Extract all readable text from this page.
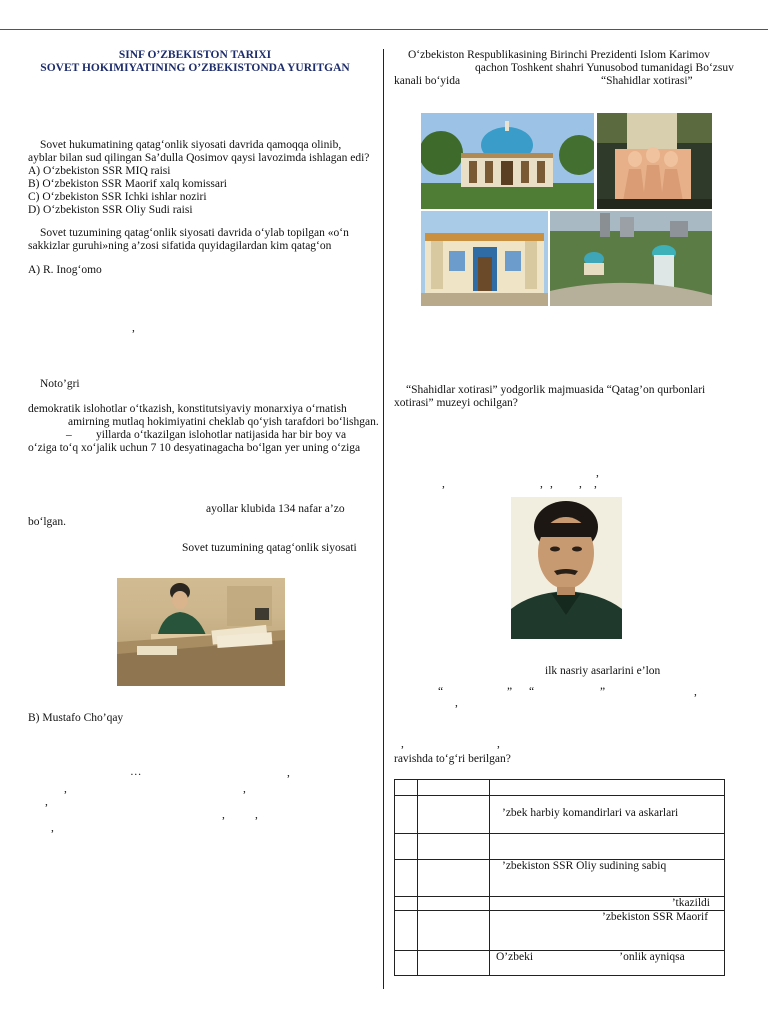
SINF O’ZBEKISTON TARIXI
SOVET HOKIMIYATINING O’ZBEKISTONDA YURITGAN
Sovet hukumatining qatag‘onlik siyosati davrida qamoqqa olinib,
ayblar bilan sud qilingan Sa’dulla Qosimov qaysi lavozimda ishlagan edi?
A) O‘zbekiston SSR MIQ raisi
B) O‘zbekiston SSR Maorif xalq komissari
C) O‘zbekiston SSR Ichki ishlar noziri
D) O‘zbekiston SSR Oliy Sudi raisi
Sovet tuzumining qatag‘onlik siyosati davrida o‘ylab topilgan «o‘n
sakkizlar guruhi»ning a’zosi sifatida quyidagilardan kim qatag‘on
A) R. Inog‘omo
,
Noto’gri
demokratik islohotlar o‘tkazish, konstitutsiyaviy monarxiya o‘rnatish
amirning mutlaq hokimiyatini cheklab qo‘yish tarafdori bo‘lishgan.
– yillarda o‘tkazilgan islohotlar natijasida har bir boy va
o‘ziga to‘q xo‘jalik uchun 7 10 desyatinagacha bo‘lgan yer uning o‘ziga
ayollar klubida 134 nafar a’zo
bo‘lgan.
Sovet tuzumining qatag‘onlik siyosati
B) Mustafo Cho’qay
…	,
,	,
,
,	,
,
O‘zbekiston Respublikasining Birinchi Prezidenti Islom Karimov
qachon Toshkent shahri Yunusobod tumanidagi Bo‘zsuv
kanali bo‘yida	“Shahidlar xotirasi”
“Shahidlar xotirasi” yodgorlik majmuasida “Qatag’on qurbonlari
xotirasi” muzeyi ochilgan?
,
,	, , , ,
ilk nasriy asarlarini e’lon
“	” “	”	,
,
,	,
ravishda to‘g‘ri berilgan?

		’zbek harbiy komandirlari va askarlari

		’zbekiston SSR Oliy sudining sabiq
		’tkazildi
		’zbekiston SSR Maorif
		O’zbeki                              ’onlik ayniqsa
